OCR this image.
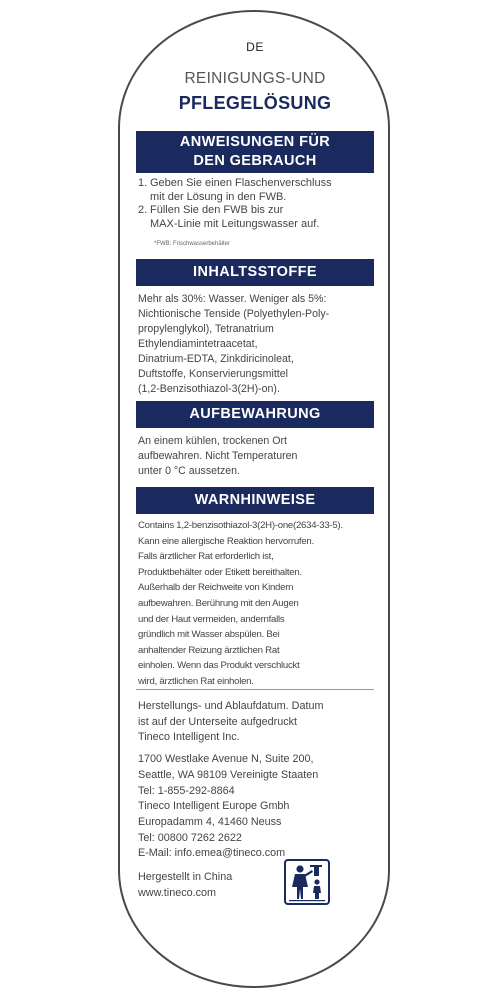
DE
REINIGUNGS-UND
PFLEGELÖSUNG
ANWEISUNGEN FÜR
DEN GEBRAUCH
1. Geben Sie einen Flaschenverschluss
mit der Lösung in den FWB.
2. Füllen Sie den FWB bis zur
MAX-Linie mit Leitungswasser auf.
*FWB: Frischwasserbehälter
INHALTSSTOFFE
Mehr als 30%: Wasser. Weniger als 5%:
Nichtionische Tenside (Polyethylen-Poly-
propylenglykol), Tetranatrium
Ethylendiamintetraacetat,
Dinatrium-EDTA, Zinkdiricinoleat,
Duftstoffe, Konservierungsmittel
(1,2-Benzisothiazol-3(2H)-on).
AUFBEWAHRUNG
An einem kühlen, trockenen Ort
aufbewahren. Nicht Temperaturen
unter 0 °C aussetzen.
WARNHINWEISE
Contains 1,2-benzisothiazol-3(2H)-one(2634-33-5).
Kann eine allergische Reaktion hervorrufen.
Falls ärztlicher Rat erforderlich ist,
Produktbehälter oder Etikett bereithalten.
Außerhalb der Reichweite von Kindern
aufbewahren. Berührung mit den Augen
und der Haut vermeiden, andernfalls
gründlich mit Wasser abspülen. Bei
anhaltender Reizung ärztlichen Rat
einholen. Wenn das Produkt verschluckt
wird, ärztlichen Rat einholen.
Herstellungs- und Ablaufdatum. Datum
ist auf der Unterseite aufgedruckt
Tineco Intelligent Inc.
1700 Westlake Avenue N, Suite 200,
Seattle, WA 98109 Vereinigte Staaten
Tel: 1-855-292-8864
Tineco Intelligent Europe Gmbh
Europadamm 4, 41460 Neuss
Tel: 00800 7262 2622
E-Mail: info.emea@tineco.com
Hergestellt in China
www.tineco.com
